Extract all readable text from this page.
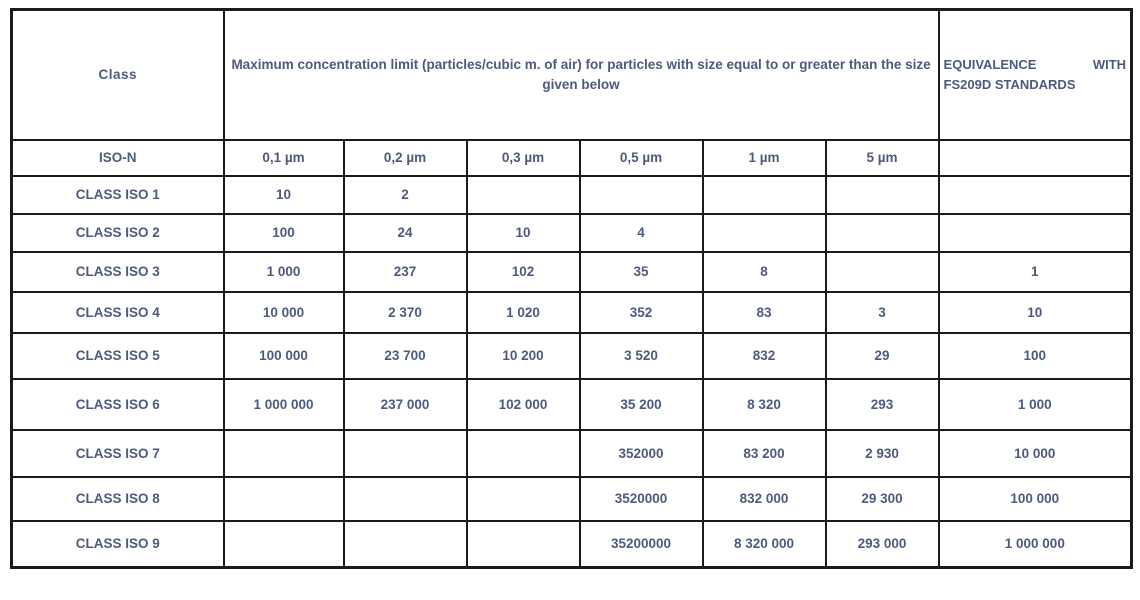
Class	Maximum concentration limit (particles/cubic m. of air) for particles with size equal to or greater than the size given below						EQUIVALENCE WITH
FS209D STANDARDS

ISO-N	0,1 µm	0,2 µm	0,3 µm	0,5 µm	1 µm	5 µm	
CLASS ISO 1	10	2					
CLASS ISO 2	100	24	10	4			
CLASS ISO 3	1 000	237	102	35	8		1
CLASS ISO 4	10 000	2 370	1 020	352	83	3	10
CLASS ISO 5	100 000	23 700	10 200	3 520	832	29	100
CLASS ISO 6	1 000 000	237 000	102 000	35 200	8 320	293	1 000
CLASS ISO 7				352000	83 200	2 930	10 000
CLASS ISO 8				3520000	832 000	29 300	100 000
CLASS ISO 9				35200000	8 320 000	293 000	1 000 000
